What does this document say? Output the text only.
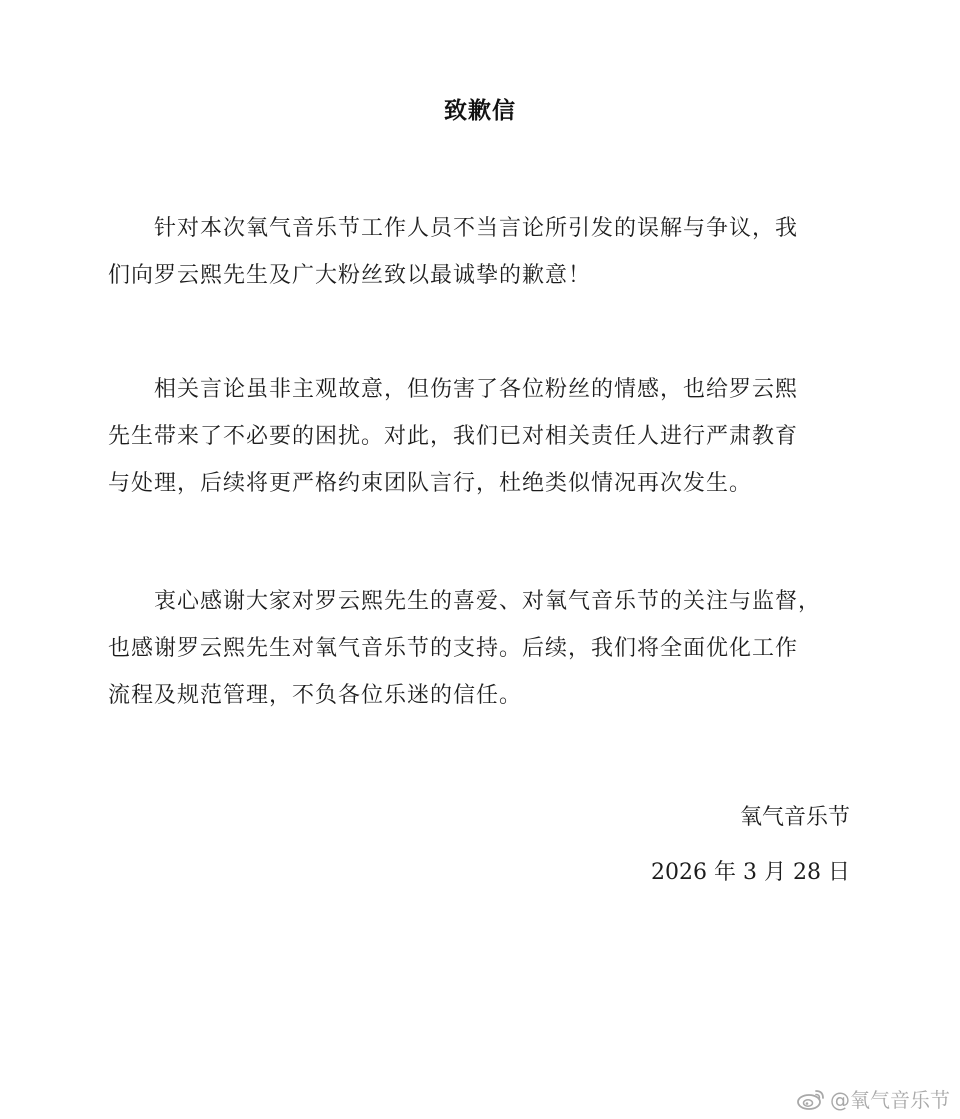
致歉信

针对本次氧气音乐节工作人员不当言论所引发的误解与争议，我
们向罗云熙先生及广大粉丝致以最诚挚的歉意！

相关言论虽非主观故意，但伤害了各位粉丝的情感，也给罗云熙
先生带来了不必要的困扰。对此，我们已对相关责任人进行严肃教育
与处理，后续将更严格约束团队言行，杜绝类似情况再次发生。

衷心感谢大家对罗云熙先生的喜爱、对氧气音乐节的关注与监督，
也感谢罗云熙先生对氧气音乐节的支持。后续，我们将全面优化工作
流程及规范管理，不负各位乐迷的信任。

氧气音乐节
2026 年 3 月 28 日
@氧气音乐节
